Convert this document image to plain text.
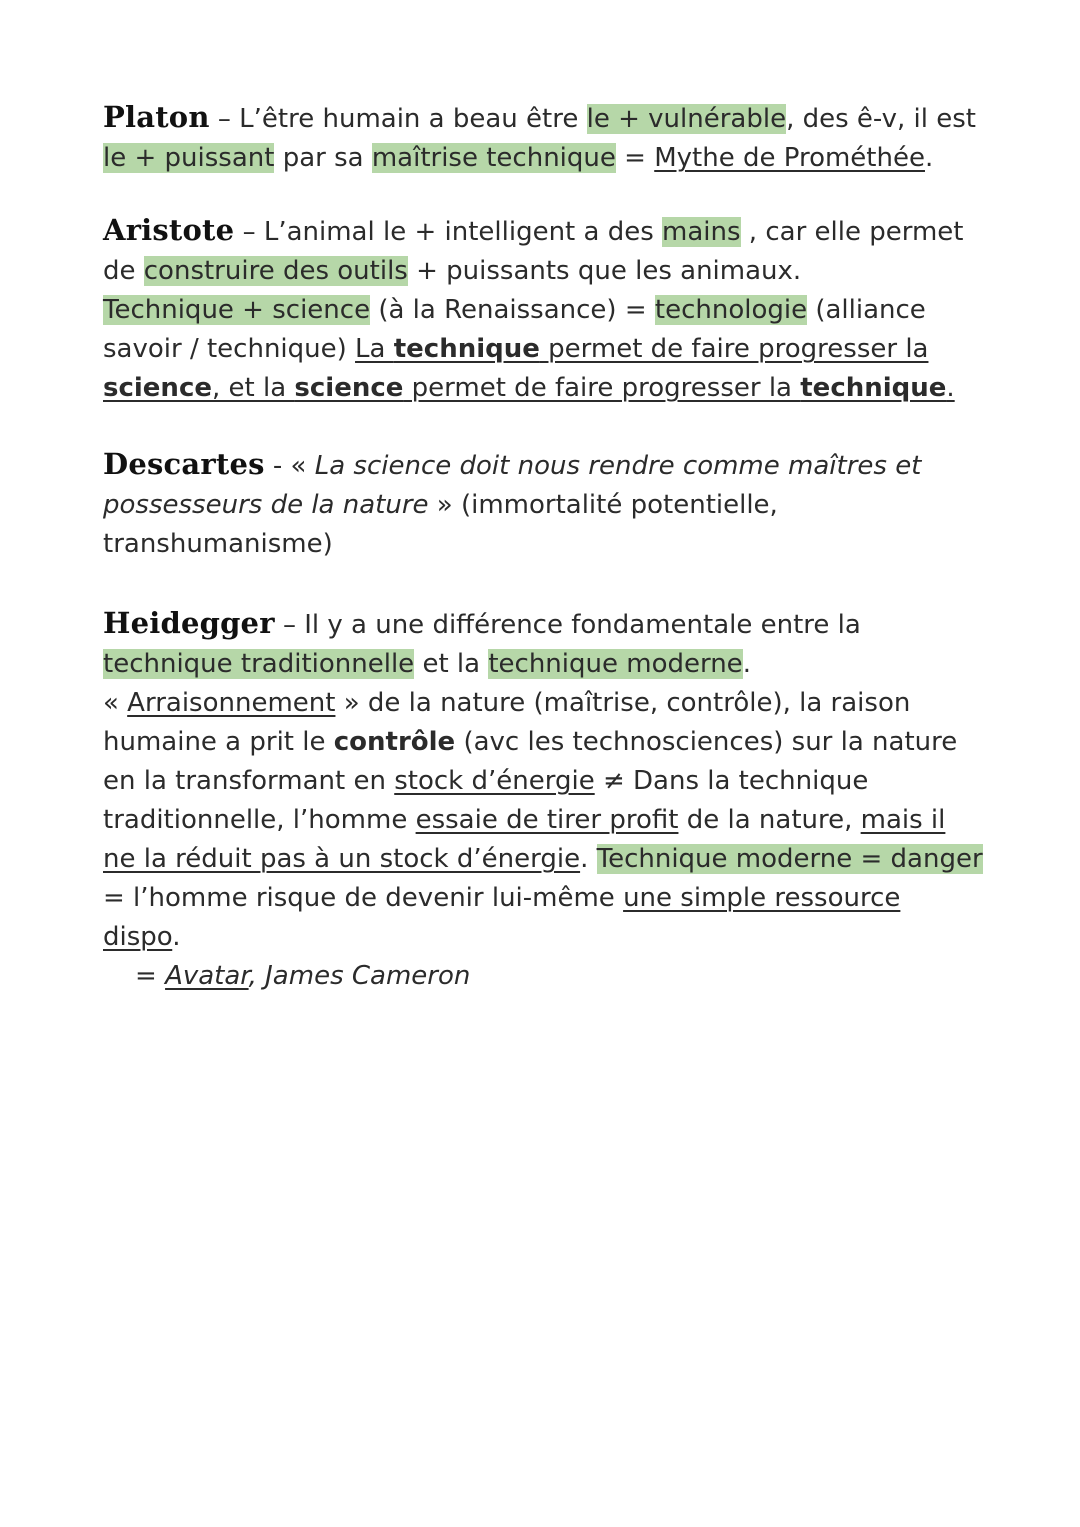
Platon – L’être humain a beau être le + vulnérable, des ê-v, il est le + puissant par sa maîtrise technique = Mythe de Prométhée.

Aristote – L’animal le + intelligent a des mains , car elle permet de construire des outils + puissants que les animaux.
Technique + science (à la Renaissance) = technologie (alliance savoir / technique) La technique permet de faire progresser la science, et la science permet de faire progresser la technique.

Descartes - « La science doit nous rendre comme maîtres et possesseurs de la nature » (immortalité potentielle, transhumanisme)

Heidegger – Il y a une différence fondamentale entre la technique traditionnelle et la technique moderne.
« Arraisonnement » de la nature (maîtrise, contrôle), la raison humaine a prit le contrôle (avc les technosciences) sur la nature en la transformant en stock d’énergie ≠ Dans la technique traditionnelle, l’homme essaie de tirer profit de la nature, mais il ne la réduit pas à un stock d’énergie. Technique moderne = danger = l’homme risque de devenir lui-même une simple ressource dispo.

= Avatar, James Cameron
